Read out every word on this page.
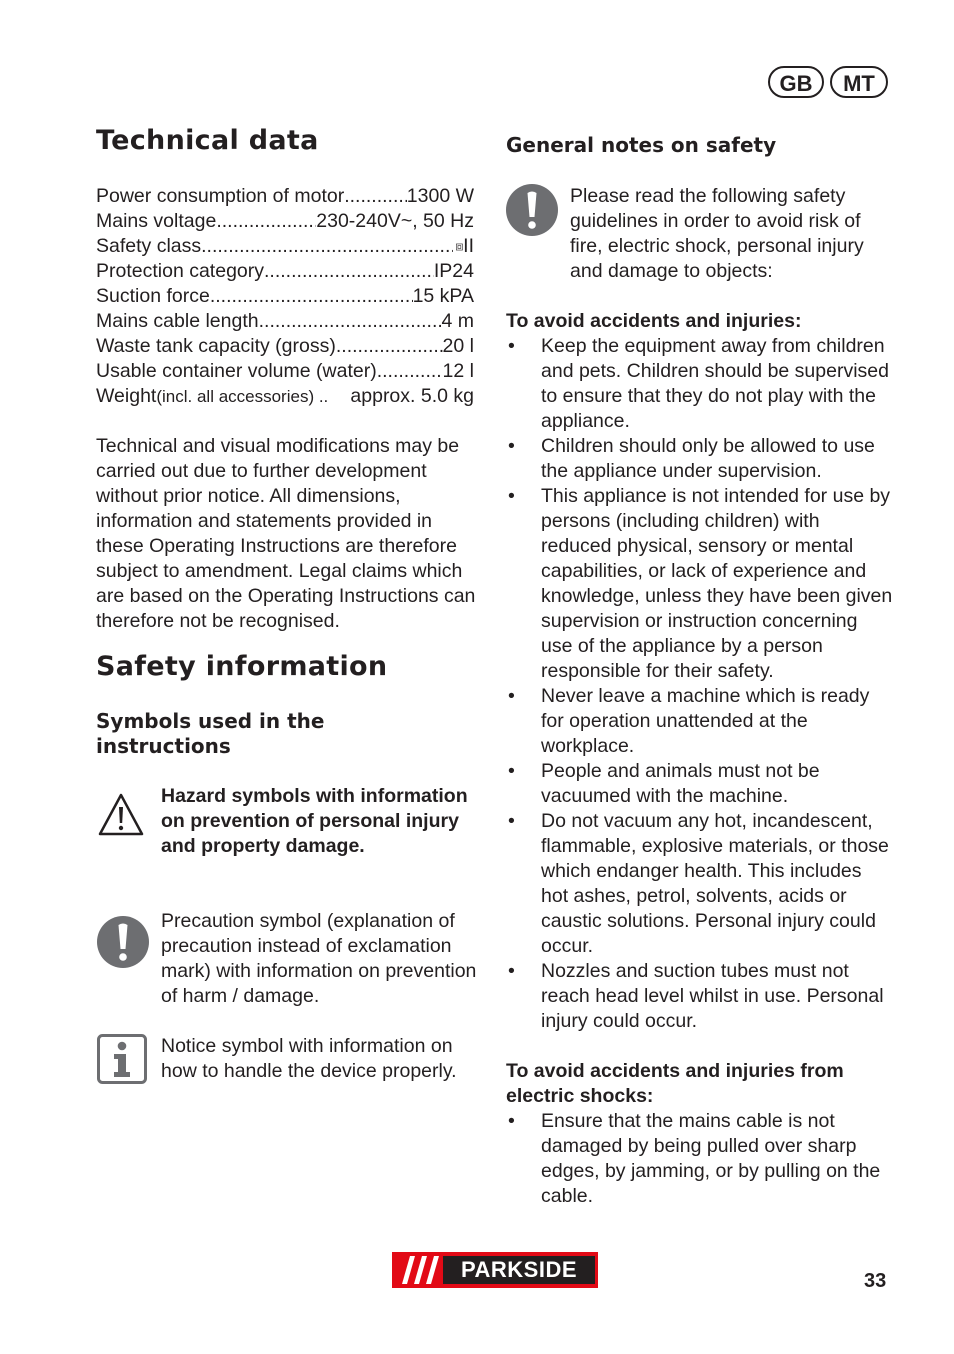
GB	MT
Technical data
Power consumption of motor .....	1300 W
Mains voltage .....	230-240V~, 50 Hz
Safety class .....	II
Protection category .....	IP24
Suction force .....	15 kPA
Mains cable length .....	4 m
Waste tank capacity (gross) .....	20 l
Usable container volume (water) .....	12 l
Weight (incl. all accessories) .. approx. 5.0 kg

Technical and visual modifications may be carried out due to further development without prior notice. All dimensions, information and statements provided in these Operating Instructions are therefore subject to amendment. Legal claims which are based on the Operating Instructions can therefore not be recognised.

Safety information
Symbols used in the instructions

Hazard symbols with information on prevention of personal injury and property damage.

Precaution symbol (explanation of precaution instead of exclamation mark) with information on prevention of harm / damage.

Notice symbol with information on how to handle the device properly.

General notes on safety

Please read the following safety guidelines in order to avoid risk of fire, electric shock, personal injury and damage to objects:

To avoid accidents and injuries:

• Keep the equipment away from children and pets. Children should be supervised to ensure that they do not play with the appliance.
• Children should only be allowed to use the appliance under supervision.
• This appliance is not intended for use by persons (including children) with reduced physical, sensory or mental capabilities, or lack of experience and knowledge, unless they have been given supervision or instruction concerning use of the appliance by a person responsible for their safety.
• Never leave a machine which is ready for operation unattended at the workplace.
• People and animals must not be vacuumed with the machine.
• Do not vacuum any hot, incandescent, flammable, explosive materials, or those which endanger health. This includes hot ashes, petrol, solvents, acids or caustic solutions. Personal injury could occur.
• Nozzles and suction tubes must not reach head level whilst in use. Personal injury could occur.

To avoid accidents and injuries from electric shocks:

• Ensure that the mains cable is not damaged by being pulled over sharp edges, by jamming, or by pulling on the cable.
PARKSIDE	33
